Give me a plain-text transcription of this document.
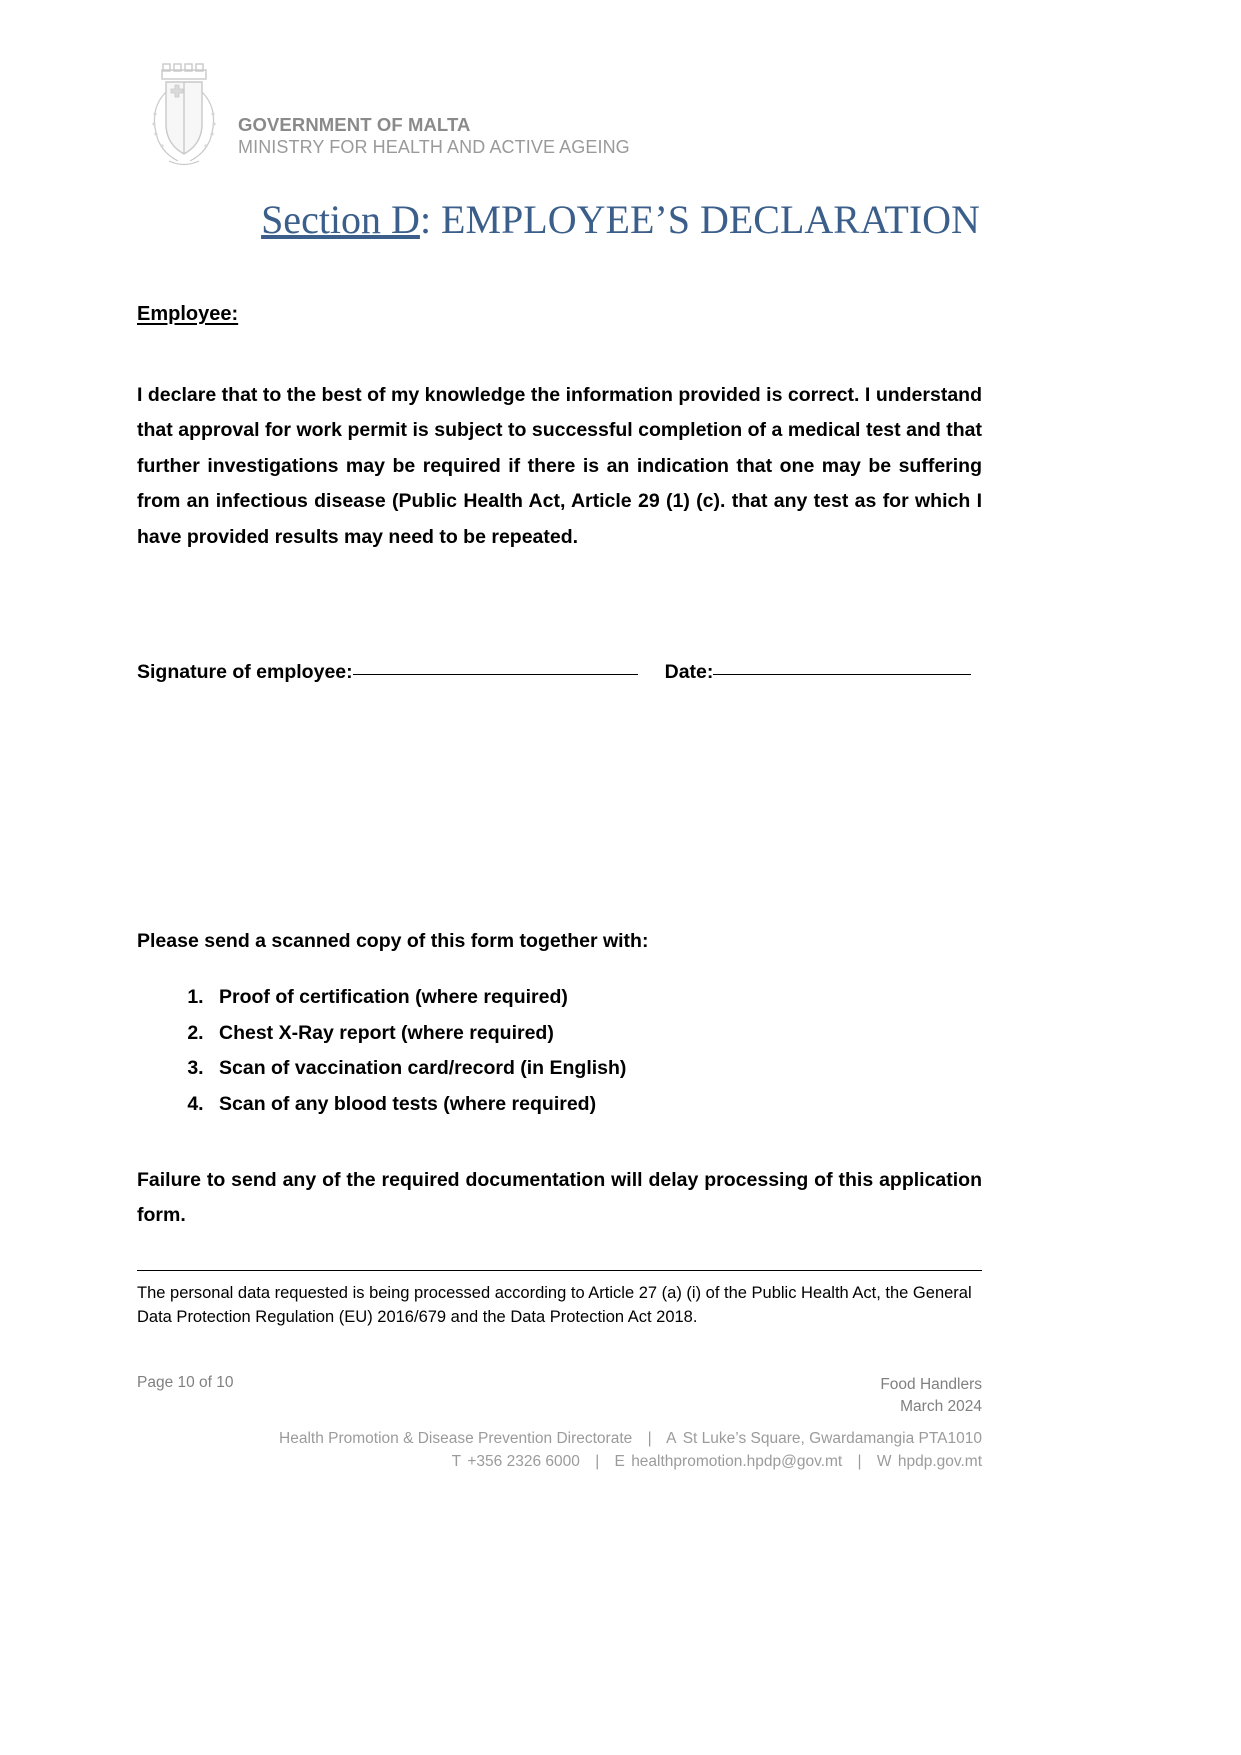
GOVERNMENT OF MALTA
MINISTRY FOR HEALTH AND ACTIVE AGEING
Section D: EMPLOYEE’S DECLARATION
Employee:

I declare that to the best of my knowledge the information provided is correct. I understand that approval for work permit is subject to successful completion of a medical test and that further investigations may be required if there is an indication that one may be suffering from an infectious disease (Public Health Act, Article 29 (1) (c). that any test as for which I have provided results may need to be repeated.

Signature of employee:	Date:
Please send a scanned copy of this form together with:
1. Proof of certification (where required)
2. Chest X-Ray report (where required)
3. Scan of vaccination card/record (in English)
4. Scan of any blood tests (where required)

Failure to send any of the required documentation will delay processing of this application form.

The personal data requested is being processed according to Article 27 (a) (i) of the Public Health Act, the General Data Protection Regulation (EU) 2016/679 and the Data Protection Act 2018.
Page 10 of 10	Food Handlers
March 2024
Health Promotion & Disease Prevention Directorate | A St Luke’s Square, Gwardamangia PTA1010
T +356 2326 6000 | E healthpromotion.hpdp@gov.mt | W hpdp.gov.mt
